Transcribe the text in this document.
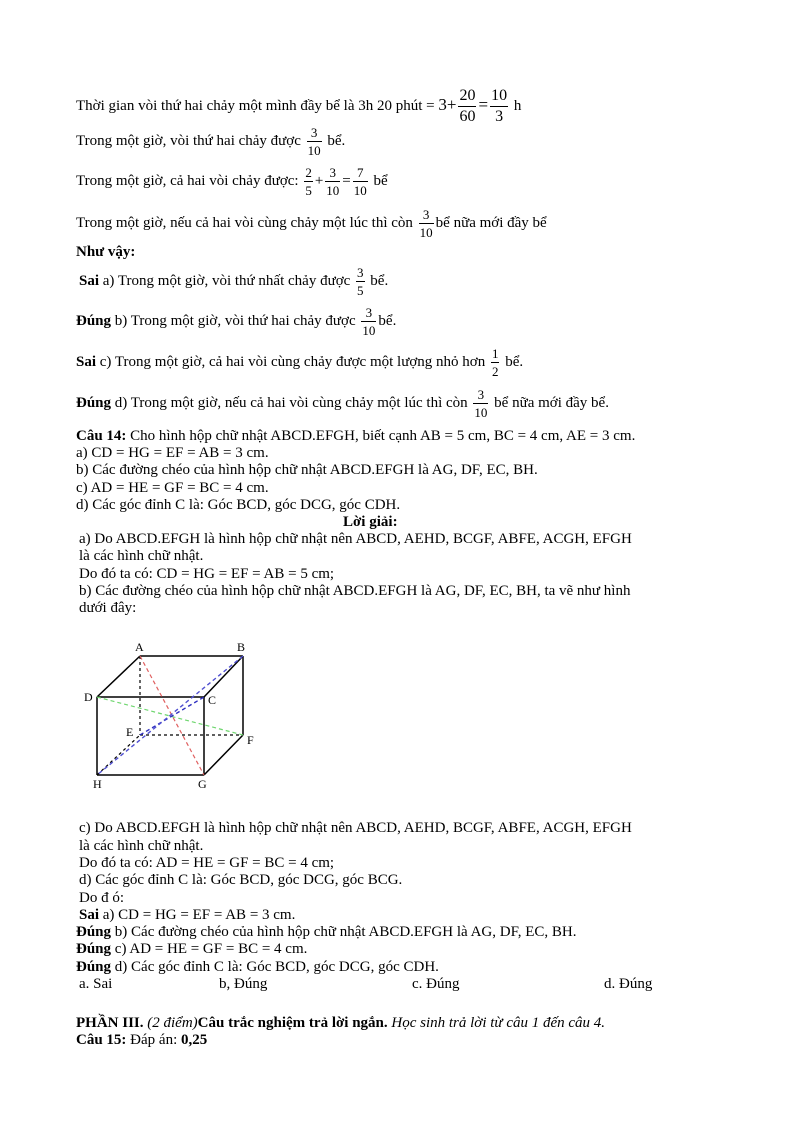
Thời gian vòi thứ hai chảy một mình đầy bể là 3h 20 phút = $3+ \frac{20}{60} = \frac{10}{3}$ h
Trong một giờ, vòi thứ hai chảy được $\frac{3}{10}$ bể.
Trong một giờ, cả hai vòi chảy được: $\frac{2}{5} + \frac{3}{10} = \frac{7}{10}$ bể
Trong một giờ, nếu cả hai vòi cùng chảy một lúc thì còn $\frac{3}{10}$ bể nữa mới đầy bể
Như vậy:
Sai a) Trong một giờ, vòi thứ nhất chảy được $\frac{3}{5}$ bể.
Đúng b) Trong một giờ, vòi thứ hai chảy được $\frac{3}{10}$ bể.
Sai c) Trong một giờ, cả hai vòi cùng chảy được một lượng nhỏ hơn $\frac{1}{2}$ bể.
Đúng d) Trong một giờ, nếu cả hai vòi cùng chảy một lúc thì còn $\frac{3}{10}$ bể nữa mới đầy bể.
Câu 14: Cho hình hộp chữ nhật ABCD.EFGH, biết cạnh AB = 5 cm, BC = 4 cm, AE = 3 cm.
a) CD = HG = EF = AB = 3 cm.
b) Các đường chéo của hình hộp chữ nhật ABCD.EFGH là AG, DF, EC, BH.
c) AD = HE = GF = BC = 4 cm.
d) Các góc đỉnh C là: Góc BCD, góc DCG, góc CDH.
Lời giải:
a) Do ABCD.EFGH là hình hộp chữ nhật nên ABCD, AEHD, BCGF, ABFE, ACGH, EFGH
là các hình chữ nhật.
Do đó ta có: CD = HG = EF = AB = 5 cm;
b) Các đường chéo của hình hộp chữ nhật ABCD.EFGH là AG, DF, EC, BH, ta vẽ như hình
dưới đây:
A	B
C
D
E
F
G
H
c) Do ABCD.EFGH là hình hộp chữ nhật nên ABCD, AEHD, BCGF, ABFE, ACGH, EFGH
là các hình chữ nhật.
Do đó ta có: AD = HE = GF = BC = 4 cm;
d) Các góc đỉnh C là: Góc BCD, góc DCG, góc BCG.
Do đ ó:
Sai a) CD = HG = EF = AB = 3 cm.
Đúng b) Các đường chéo của hình hộp chữ nhật ABCD.EFGH là AG, DF, EC, BH.
Đúng c) AD = HE = GF = BC = 4 cm.
Đúng d) Các góc đỉnh C là: Góc BCD, góc DCG, góc CDH.
a. Sai	b, Đúng	c. Đúng	d. Đúng
PHẦN III. (2 điểm)Câu trắc nghiệm trả lời ngắn. Học sinh trả lời từ câu 1 đến câu 4.
Câu 15: Đáp án: 0,25
